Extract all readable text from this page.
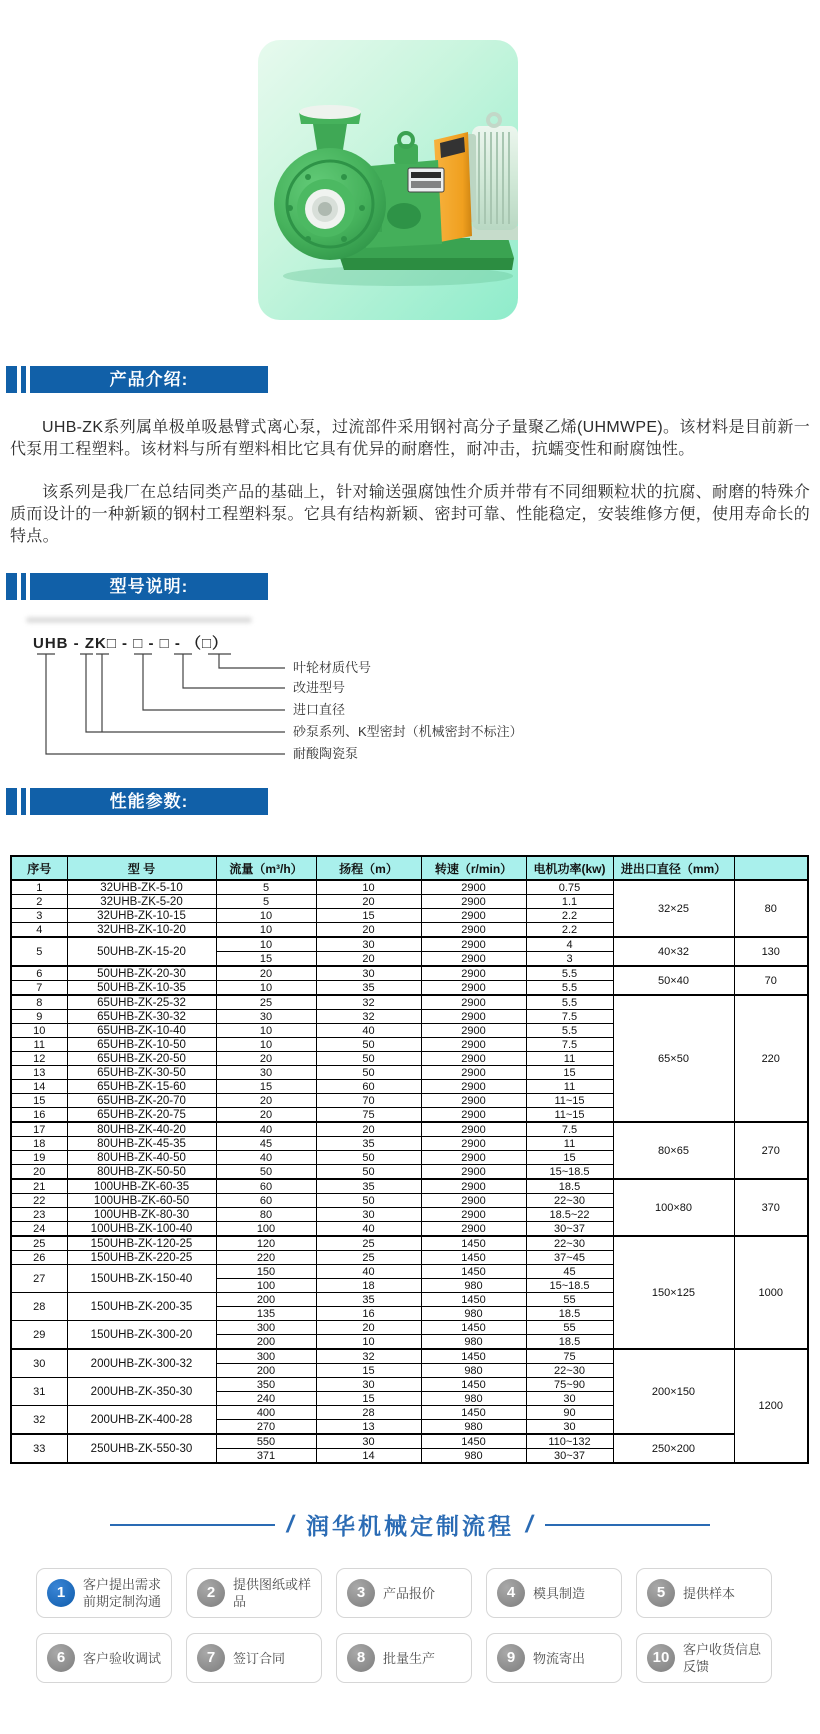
产品介绍:

UHB-ZK系列属单极单吸悬臂式离心泵，过流部件采用钢衬高分子量聚乙烯(UHMWPE)。该材料是目前新一代泵用工程塑料。该材料与所有塑料相比它具有优异的耐磨性，耐冲击，抗蠕变性和耐腐蚀性。

该系列是我厂在总结同类产品的基础上，针对输送强腐蚀性介质并带有不同细颗粒状的抗腐、耐磨的特殊介质而设计的一种新颖的钢村工程塑料泵。它具有结构新颖、密封可靠、性能稳定，安装维修方便，使用寿命长的特点。

型号说明:
UHB - ZK□ - □ - □ - （□）
叶轮材质代号
改进型号
进口直径
砂泵系列、K型密封（机械密封不标注）
耐酸陶瓷泵
性能参数:
序号	型 号	流量（m³/h）	扬程（m）	转速（r/min）	电机功率(kw)	进出口直径（mm）	
1	32UHB-ZK-5-10	5	10	2900	0.75	32×25	80
2	32UHB-ZK-5-20	5	20	2900	1.1		
3	32UHB-ZK-10-15	10	15	2900	2.2		
4	32UHB-ZK-10-20	10	20	2900	2.2		
5	50UHB-ZK-15-20	10	30	2900	4	40×32	130
		15	20	2900	3		
6	50UHB-ZK-20-30	20	30	2900	5.5	50×40	70
7	50UHB-ZK-10-35	10	35	2900	5.5		
8	65UHB-ZK-25-32	25	32	2900	5.5	65×50	220
9	65UHB-ZK-30-32	30	32	2900	7.5		
10	65UHB-ZK-10-40	10	40	2900	5.5		
11	65UHB-ZK-10-50	10	50	2900	7.5		
12	65UHB-ZK-20-50	20	50	2900	11		
13	65UHB-ZK-30-50	30	50	2900	15		
14	65UHB-ZK-15-60	15	60	2900	11		
15	65UHB-ZK-20-70	20	70	2900	11~15		
16	65UHB-ZK-20-75	20	75	2900	11~15		
17	80UHB-ZK-40-20	40	20	2900	7.5	80×65	270
18	80UHB-ZK-45-35	45	35	2900	11		
19	80UHB-ZK-40-50	40	50	2900	15		
20	80UHB-ZK-50-50	50	50	2900	15~18.5		
21	100UHB-ZK-60-35	60	35	2900	18.5	100×80	370
22	100UHB-ZK-60-50	60	50	2900	22~30		
23	100UHB-ZK-80-30	80	30	2900	18.5~22		
24	100UHB-ZK-100-40	100	40	2900	30~37		
25	150UHB-ZK-120-25	120	25	1450	22~30	150×125	1000
26	150UHB-ZK-220-25	220	25	1450	37~45		
27	150UHB-ZK-150-40	150	40	1450	45		
		100	18	980	15~18.5		
28	150UHB-ZK-200-35	200	35	1450	55		
		135	16	980	18.5		
29	150UHB-ZK-300-20	300	20	1450	55		
		200	10	980	18.5		
30	200UHB-ZK-300-32	300	32	1450	75	200×150	1200
		200	15	980	22~30		
31	200UHB-ZK-350-30	350	30	1450	75~90		
		240	15	980	30		
32	200UHB-ZK-400-28	400	28	1450	90		
		270	13	980	30		
33	250UHB-ZK-550-30	550	30	1450	110~132	250×200	
		371	14	980	30~37		
/ 润华机械定制流程 /
1	客户提出需求前期定制沟通
2	提供图纸或样品
3	产品报价	4	模具制造	5	提供样本
6	客户验收调试	7	签订合同	8	批量生产	9	物流寄出	10	客户收货信息反馈
